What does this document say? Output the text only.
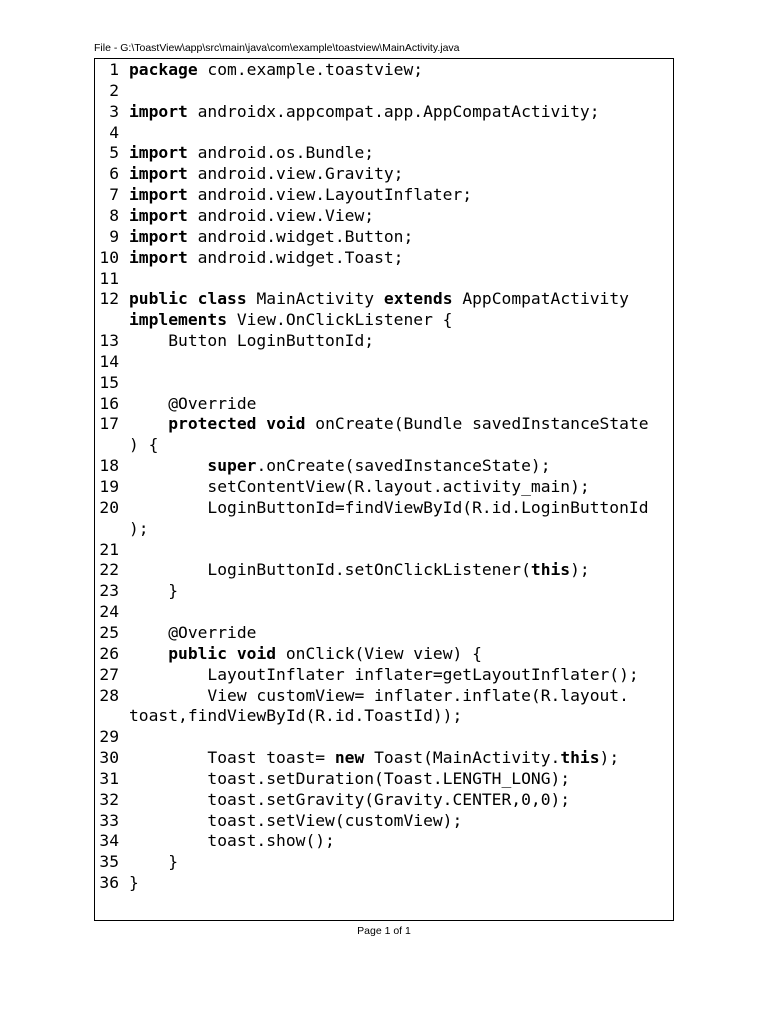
File - G:\ToastView\app\src\main\java\com\example\toastview\MainActivity.java
1 package com.example.toastview;
2
3 import androidx.appcompat.app.AppCompatActivity;
4
5 import android.os.Bundle;
6 import android.view.Gravity;
7 import android.view.LayoutInflater;
8 import android.view.View;
9 import android.widget.Button;
10 import android.widget.Toast;
11
12 public class MainActivity extends AppCompatActivity
implements View.OnClickListener {
13 Button LoginButtonId;
14
15
16 @Override
17	protected void onCreate(Bundle savedInstanceState
) {
18	super.onCreate(savedInstanceState);
19 setContentView(R.layout.activity_main);
20 LoginButtonId=findViewById(R.id.LoginButtonId
);
21
22 LoginButtonId.setOnClickListener(this);
23 }
24
25 @Override
26	public void onClick(View view) {
27 LayoutInflater inflater=getLayoutInflater();
28 View customView= inflater.inflate(R.layout.
toast,findViewById(R.id.ToastId));
29
30 Toast toast= new Toast(MainActivity.this);
31 toast.setDuration(Toast.LENGTH_LONG);
32 toast.setGravity(Gravity.CENTER,0,0);
33 toast.setView(customView);
34 toast.show();
35 }
36 }
Page 1 of 1
